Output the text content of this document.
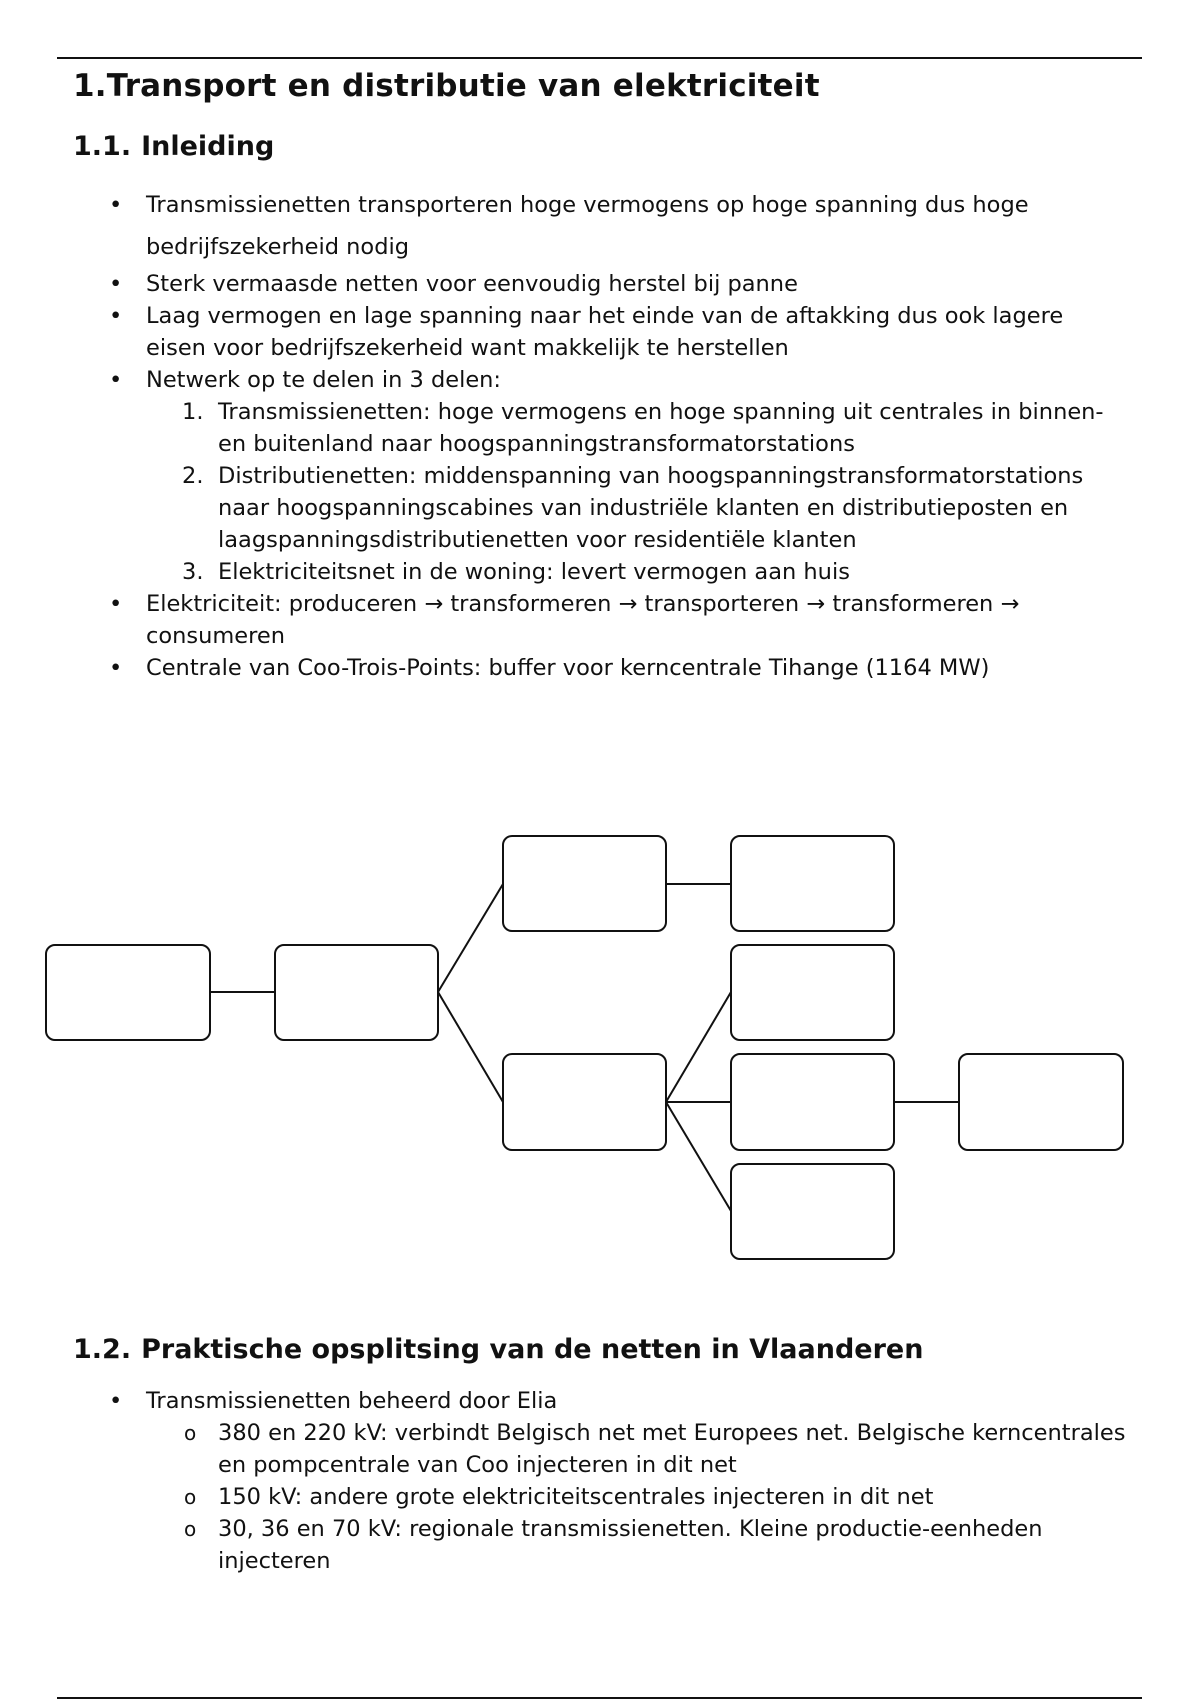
1.Transport en distributie van elektriciteit
1.1. Inleiding
• Transmissienetten transporteren hoge vermogens op hoge spanning dus hoge bedrijfszekerheid nodig
• Sterk vermaasde netten voor eenvoudig herstel bij panne
• Laag vermogen en lage spanning naar het einde van de aftakking dus ook lagere eisen voor bedrijfszekerheid want makkelijk te herstellen
• Netwerk op te delen in 3 delen:
1. Transmissienetten: hoge vermogens en hoge spanning uit centrales in binnen- en buitenland naar hoogspanningstransformatorstations
2. Distributienetten: middenspanning van hoogspanningstransformatorstations naar hoogspanningscabines van industriële klanten en distributieposten en laagspanningsdistributienetten voor residentiële klanten
3. Elektriciteitsnet in de woning: levert vermogen aan huis
• Elektriciteit: produceren → transformeren → transporteren → transformeren → consumeren
• Centrale van Coo-Trois-Points: buffer voor kerncentrale Tihange (1164 MW)
1.2. Praktische opsplitsing van de netten in Vlaanderen
• Transmissienetten beheerd door Elia
o 380 en 220 kV: verbindt Belgisch net met Europees net. Belgische kerncentrales en pompcentrale van Coo injecteren in dit net
o 150 kV: andere grote elektriciteitscentrales injecteren in dit net
o 30, 36 en 70 kV: regionale transmissienetten. Kleine productie-eenheden injecteren
